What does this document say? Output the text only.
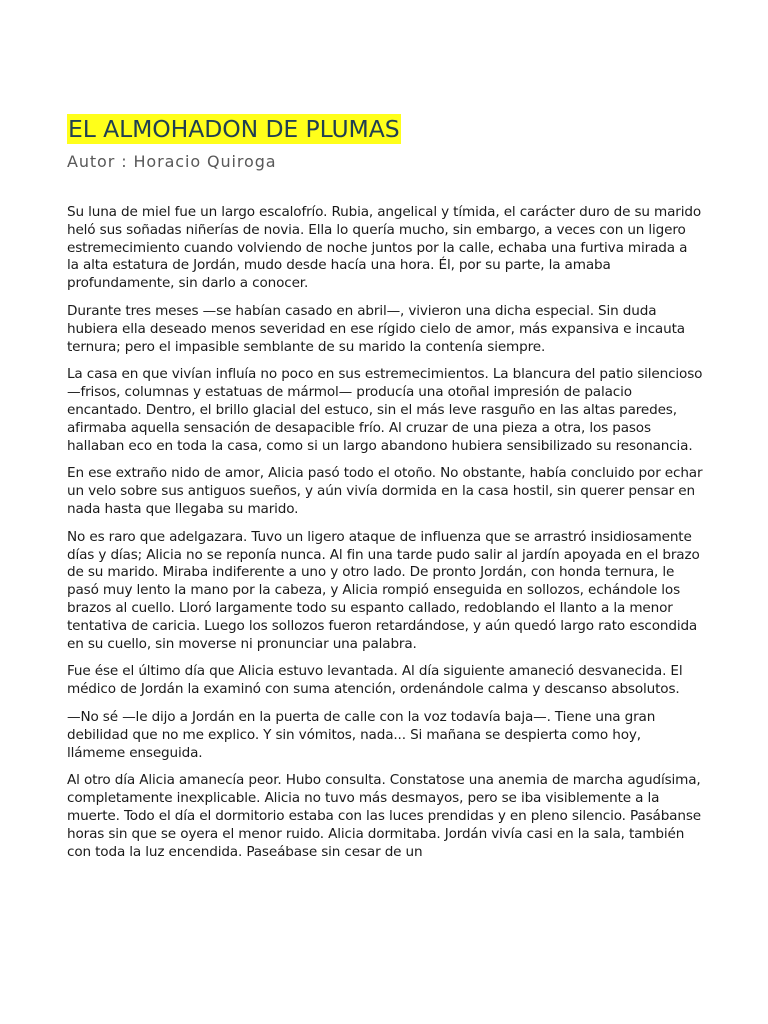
EL ALMOHADON DE PLUMAS
Autor : Horacio Quiroga

Su luna de miel fue un largo escalofrío. Rubia, angelical y tímida, el carácter duro de su marido heló sus soñadas niñerías de novia. Ella lo quería mucho, sin embargo, a veces con un ligero estremecimiento cuando volviendo de noche juntos por la calle, echaba una furtiva mirada a la alta estatura de Jordán, mudo desde hacía una hora. Él, por su parte, la amaba profundamente, sin darlo a conocer.

Durante tres meses —se habían casado en abril—, vivieron una dicha especial. Sin duda hubiera ella deseado menos severidad en ese rígido cielo de amor, más expansiva e incauta ternura; pero el impasible semblante de su marido la contenía siempre.

La casa en que vivían influía no poco en sus estremecimientos. La blancura del patio silencioso —frisos, columnas y estatuas de mármol— producía una otoñal impresión de palacio encantado. Dentro, el brillo glacial del estuco, sin el más leve rasguño en las altas paredes, afirmaba aquella sensación de desapacible frío. Al cruzar de una pieza a otra, los pasos hallaban eco en toda la casa, como si un largo abandono hubiera sensibilizado su resonancia.

En ese extraño nido de amor, Alicia pasó todo el otoño. No obstante, había concluido por echar un velo sobre sus antiguos sueños, y aún vivía dormida en la casa hostil, sin querer pensar en nada hasta que llegaba su marido.

No es raro que adelgazara. Tuvo un ligero ataque de influenza que se arrastró insidiosamente días y días; Alicia no se reponía nunca. Al fin una tarde pudo salir al jardín apoyada en el brazo de su marido. Miraba indiferente a uno y otro lado. De pronto Jordán, con honda ternura, le pasó muy lento la mano por la cabeza, y Alicia rompió enseguida en sollozos, echándole los brazos al cuello. Lloró largamente todo su espanto callado, redoblando el llanto a la menor tentativa de caricia. Luego los sollozos fueron retardándose, y aún quedó largo rato escondida en su cuello, sin moverse ni pronunciar una palabra.

Fue ése el último día que Alicia estuvo levantada. Al día siguiente amaneció desvanecida. El médico de Jordán la examinó con suma atención, ordenándole calma y descanso absolutos.

—No sé —le dijo a Jordán en la puerta de calle con la voz todavía baja—. Tiene una gran debilidad que no me explico. Y sin vómitos, nada... Si mañana se despierta como hoy, llámeme enseguida.

Al otro día Alicia amanecía peor. Hubo consulta. Constatose una anemia de marcha agudísima, completamente inexplicable. Alicia no tuvo más desmayos, pero se iba visiblemente a la muerte. Todo el día el dormitorio estaba con las luces prendidas y en pleno silencio. Pasábanse horas sin que se oyera el menor ruido. Alicia dormitaba. Jordán vivía casi en la sala, también con toda la luz encendida. Paseábase sin cesar de un
